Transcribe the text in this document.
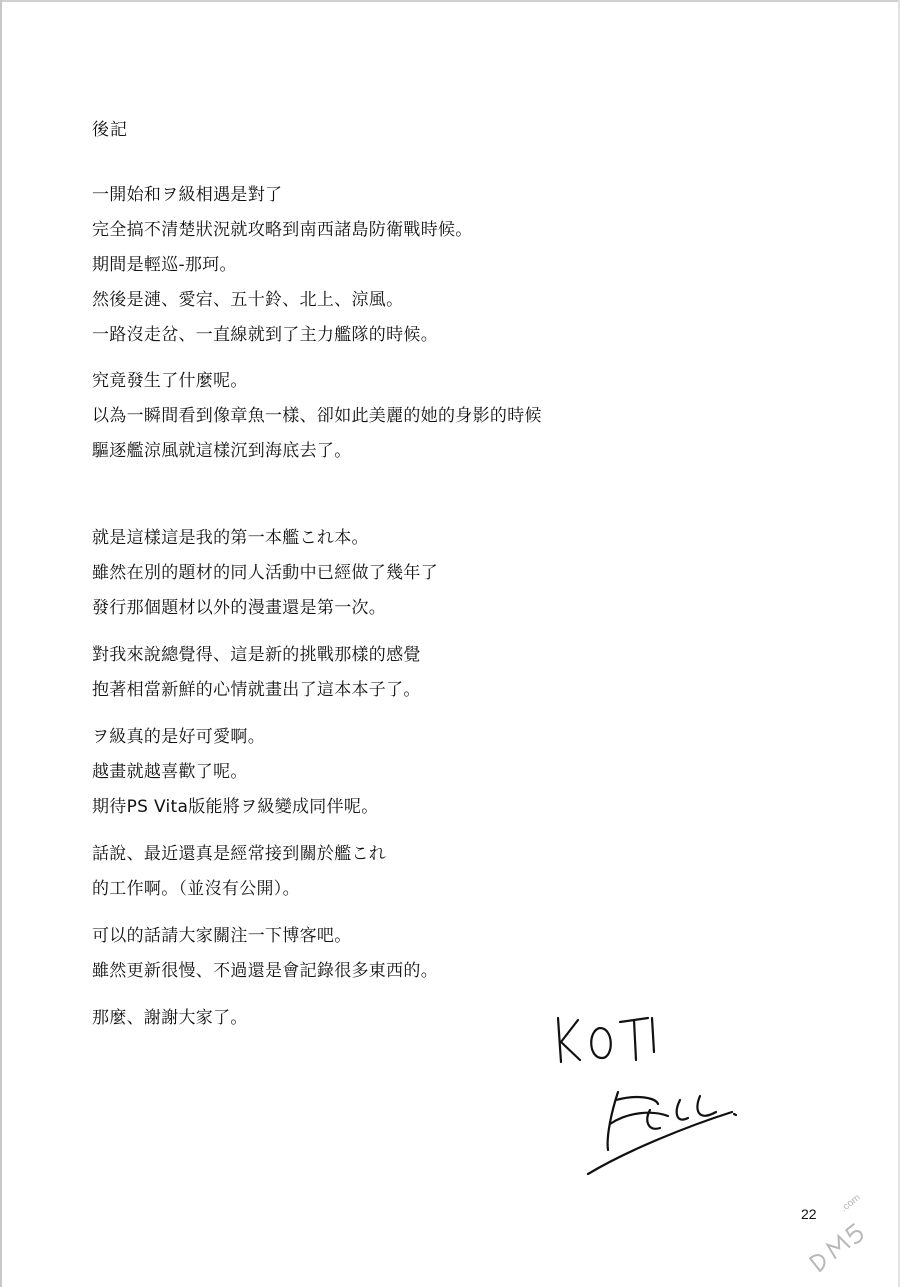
後記
一開始和ヲ級相遇是對了
完全搞不清楚狀況就攻略到南西諸島防衛戰時候。
期間是輕巡-那珂。
然後是漣、愛宕、五十鈴、北上、涼風。
一路沒走岔、一直線就到了主力艦隊的時候。
究竟發生了什麼呢。
以為一瞬間看到像章魚一樣、卻如此美麗的她的身影的時候
驅逐艦涼風就這樣沉到海底去了。
就是這樣這是我的第一本艦これ本。
雖然在別的題材的同人活動中已經做了幾年了
發行那個題材以外的漫畫還是第一次。
對我來說總覺得、這是新的挑戰那樣的感覺
抱著相當新鮮的心情就畫出了這本本子了。
ヲ級真的是好可愛啊。
越畫就越喜歡了呢。
期待PS Vita版能將ヲ級變成同伴呢。
話說、最近還真是經常接到關於艦これ
的工作啊。（並沒有公開）。
可以的話請大家關注一下博客吧。
雖然更新很慢、不過還是會記錄很多東西的。
那麼、謝謝大家了。
22 .com
